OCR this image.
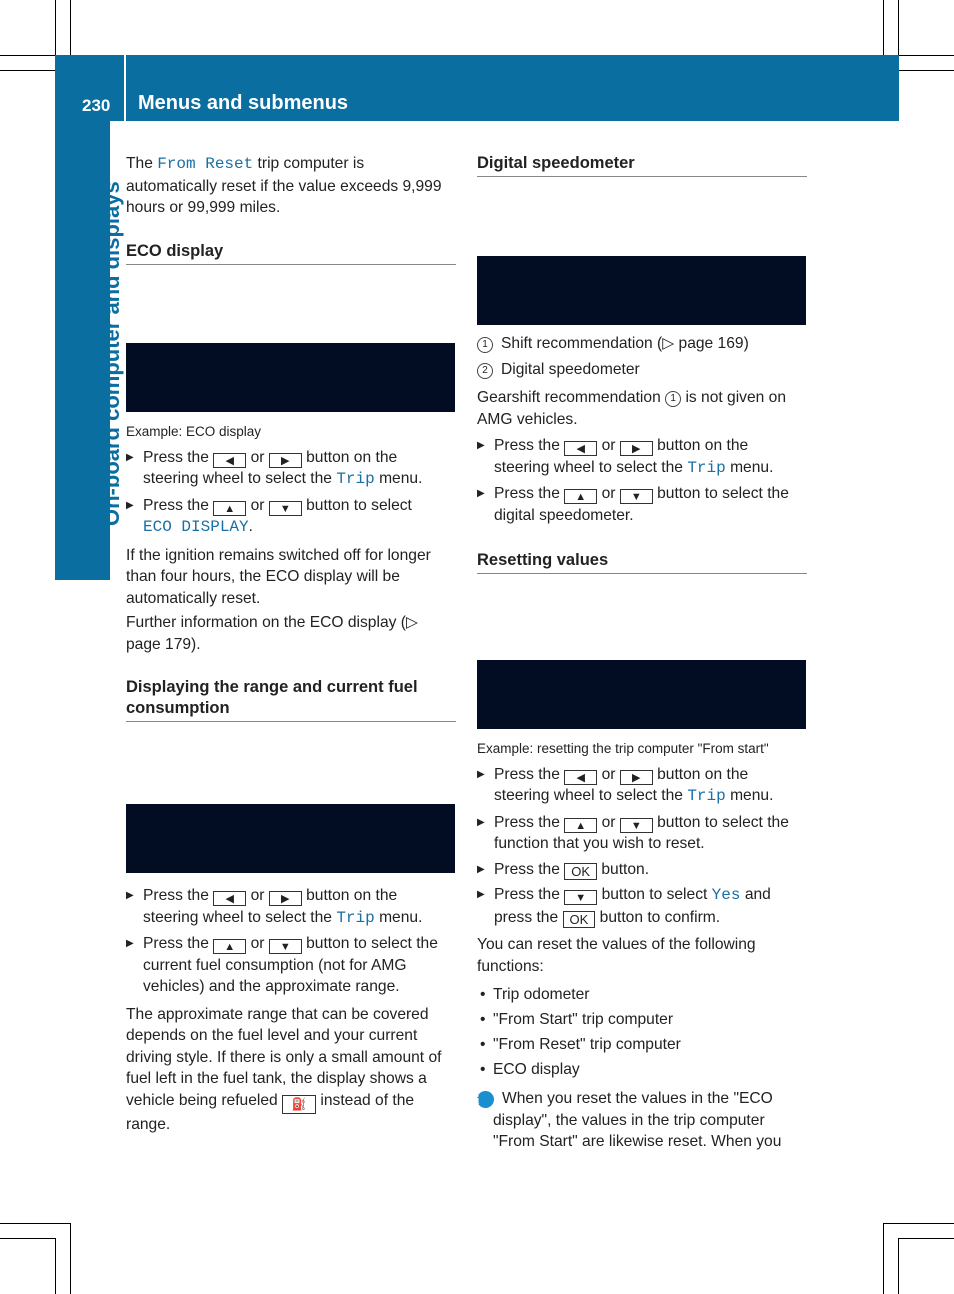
230 Menus and submenus
On-board computer and displays

The From Reset trip computer is automatically reset if the value exceeds 9,999 hours or 99,999 miles.

ECO display

Example: ECO display

▶ Press the ◀ or ▶ button on the steering wheel to select the Trip menu.

▶ Press the ▲ or ▼ button to select
ECO DISPLAY.

If the ignition remains switched off for longer than four hours, the ECO display will be automatically reset.

Further information on the ECO display (▷ page 179).

Displaying the range and current fuel consumption

▶ Press the ◀ or ▶ button on the steering wheel to select the Trip menu.

▶ Press the ▲ or ▼ button to select the current fuel consumption (not for AMG vehicles) and the approximate range.

The approximate range that can be covered depends on the fuel level and your current driving style. If there is only a small amount of fuel left in the fuel tank, the display shows a vehicle being refueled ⛽ instead of the range.

Digital speedometer

1 Shift recommendation (▷ page 169)

2 Digital speedometer

Gearshift recommendation 1 is not given on AMG vehicles.

▶ Press the ◀ or ▶ button on the steering wheel to select the Trip menu.

▶ Press the ▲ or ▼ button to select the digital speedometer.

Resetting values

Example: resetting the trip computer "From start"

▶ Press the ◀ or ▶ button on the steering wheel to select the Trip menu.

▶ Press the ▲ or ▼ button to select the function that you wish to reset.

▶ Press the OK button.

▶ Press the ▼ button to select Yes and press the OK button to confirm.

You can reset the values of the following functions:

• Trip odometer
• "From Start" trip computer
• "From Reset" trip computer
• ECO display

i When you reset the values in the "ECO display", the values in the trip computer "From Start" are likewise reset. When you
